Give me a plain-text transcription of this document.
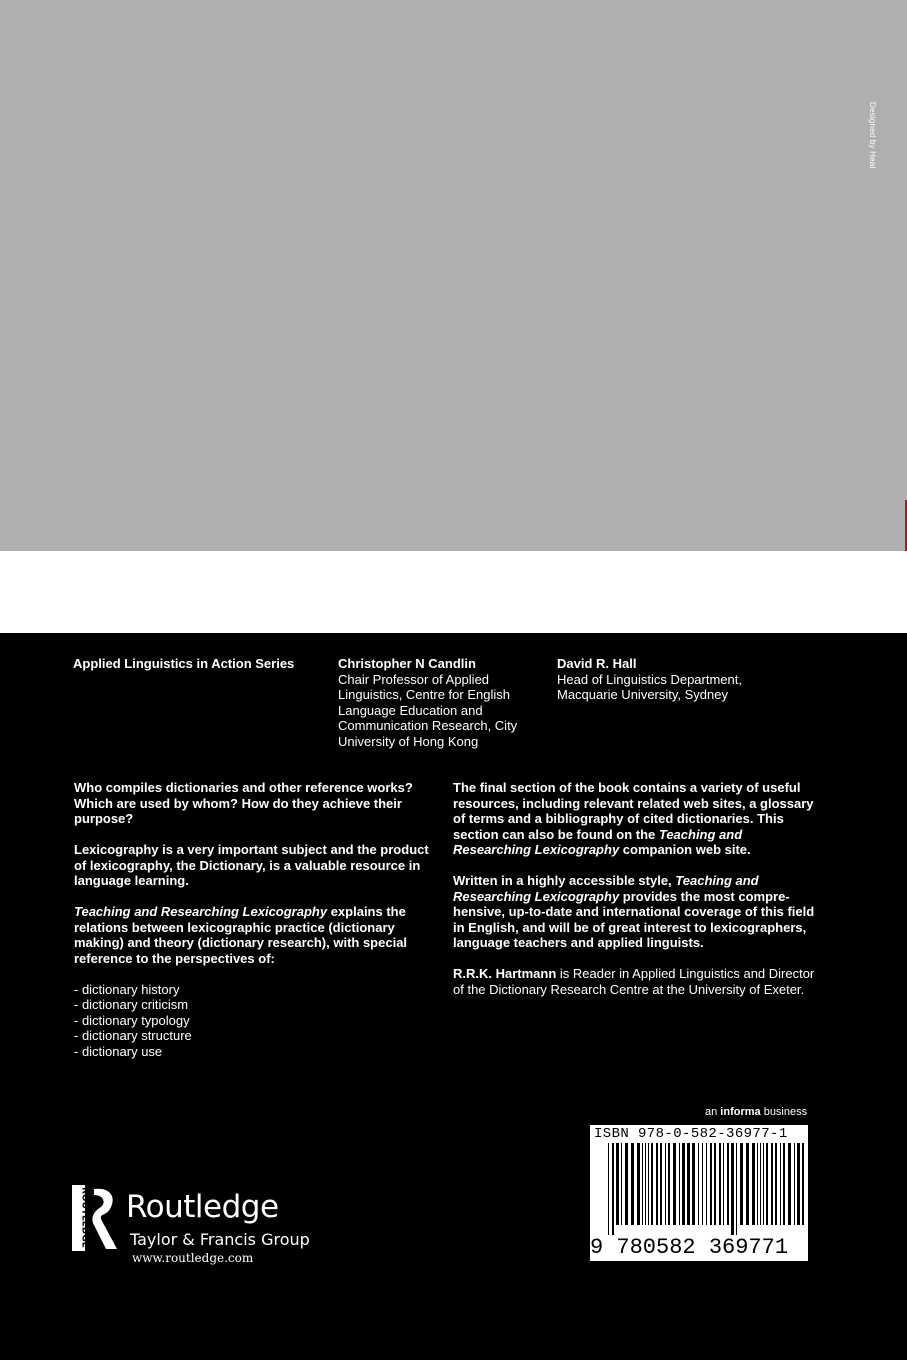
Designed by Heat
Applied Linguistics in Action Series	Christopher N Candlin
Chair Professor of Applied Linguistics, Centre for English Language Education and Communication Research, City University of Hong Kong
David R. Hall
Head of Linguistics Department, Macquarie University, Sydney

Who compiles dictionaries and other reference works? Which are used by whom? How do they achieve their purpose?

Lexicography is a very important subject and the product of lexicography, the Dictionary, is a valuable resource in language learning.

Teaching and Researching Lexicography explains the relations between lexicographic practice (dictionary making) and theory (dictionary research), with special reference to the perspectives of:

- dictionary history
- dictionary criticism
- dictionary typology
- dictionary structure
- dictionary use

The final section of the book contains a variety of useful resources, including relevant related web sites, a glossary of terms and a bibliography of cited dictionaries. This section can also be found on the Teaching and Researching Lexicography companion web site.

Written in a highly accessible style, Teaching and Researching Lexicography provides the most comprehensive, up-to-date and international coverage of this field in English, and will be of great interest to lexicographers, language teachers and applied linguists.

R.R.K. Hartmann is Reader in Applied Linguistics and Director of the Dictionary Research Centre at the University of Exeter.

an informa business
ISBN 978-0-582-36977-1
9 780582 369771
ROUTLEDGE Routledge
Taylor & Francis Group
www.routledge.com
